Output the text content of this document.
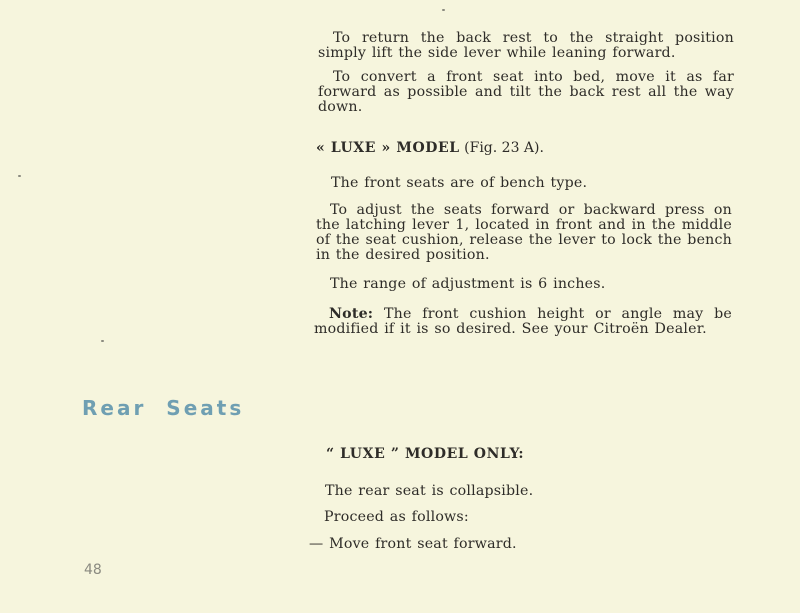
To return the back rest to the straight position simply lift the side lever while leaning forward.

To convert a front seat into bed, move it as far forward as possible and tilt the back rest all the way down.

« LUXE » MODEL (Fig. 23 A).

The front seats are of bench type.

To adjust the seats forward or backward press on the latching lever 1, located in front and in the middle of the seat cushion, release the lever to lock the bench in the desired position.

The range of adjustment is 6 inches.

Note: The front cushion height or angle may be modified if it is so desired. See your Citroën Dealer.

Rear Seats
“ LUXE ” MODEL ONLY:

The rear seat is collapsible.

Proceed as follows:

— Move front seat forward.

48
